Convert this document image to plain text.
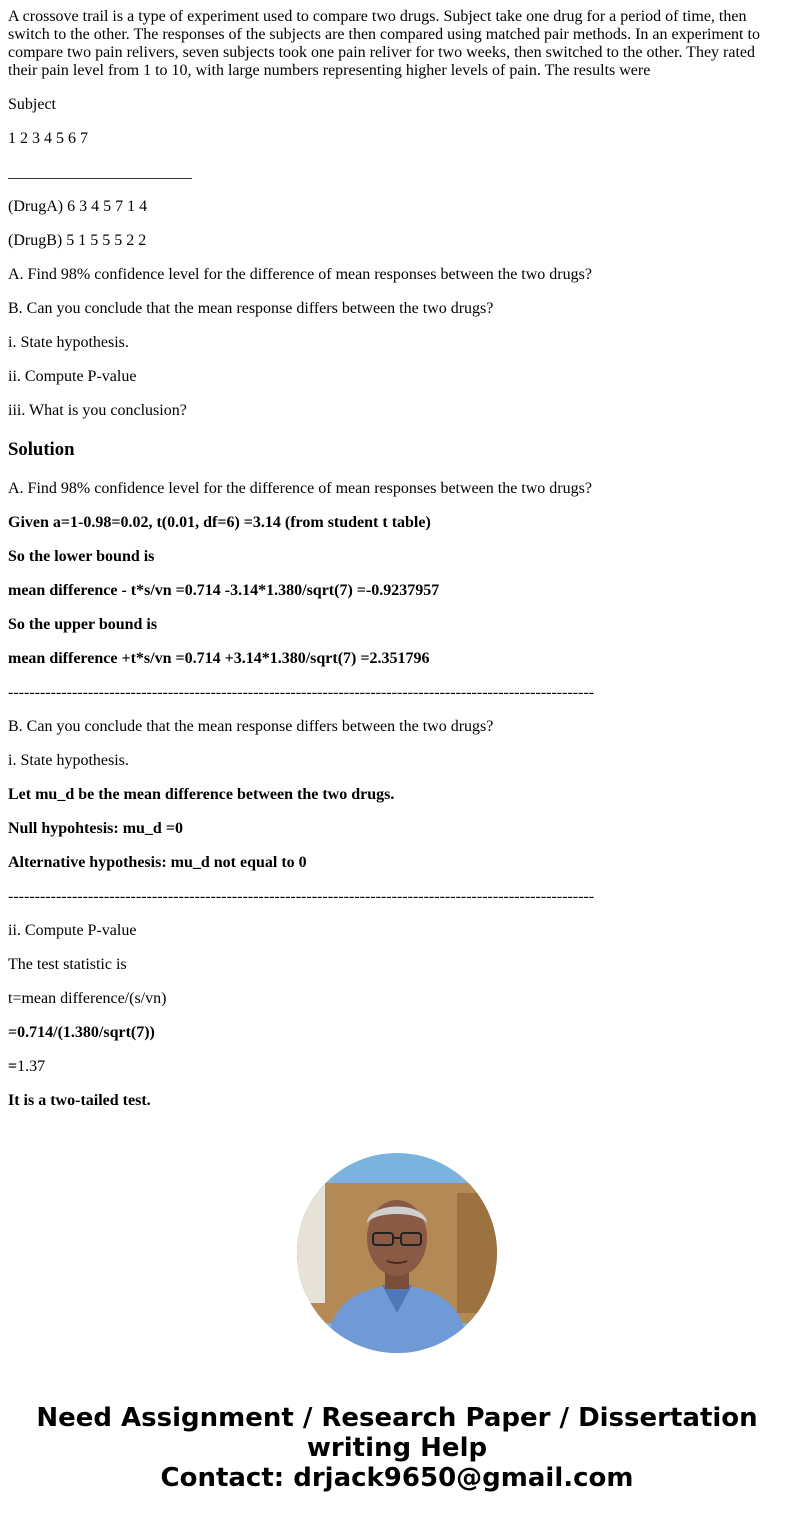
A crossove trail is a type of experiment used to compare two drugs. Subject take one drug for a period of time, then switch to the other. The responses of the subjects are then compared using matched pair methods. In an experiment to compare two pain relivers, seven subjects took one pain reliver for two weeks, then switched to the other. They rated their pain level from 1 to 10, with large numbers representing higher levels of pain. The results were

Subject

1 2 3 4 5 6 7

_______________________

(DrugA) 6 3 4 5 7 1 4

(DrugB) 5 1 5 5 5 2 2

A. Find 98% confidence level for the difference of mean responses between the two drugs?

B. Can you conclude that the mean response differs between the two drugs?

i. State hypothesis.

ii. Compute P-value

iii. What is you conclusion?

Solution

A. Find 98% confidence level for the difference of mean responses between the two drugs?

Given a=1-0.98=0.02, t(0.01, df=6) =3.14 (from student t table)

So the lower bound is

mean difference - t*s/vn =0.714 -3.14*1.380/sqrt(7) =-0.9237957

So the upper bound is

mean difference +t*s/vn =0.714 +3.14*1.380/sqrt(7) =2.351796

--------------------------------------------------------------------------------------------------------------

B. Can you conclude that the mean response differs between the two drugs?

i. State hypothesis.

Let mu_d be the mean difference between the two drugs.

Null hypohtesis: mu_d =0

Alternative hypothesis: mu_d not equal to 0

--------------------------------------------------------------------------------------------------------------

ii. Compute P-value

The test statistic is

t=mean difference/(s/vn)

=0.714/(1.380/sqrt(7))

=1.37

It is a two-tailed test.

Need Assignment / Research Paper / Dissertation
writing Help
Contact: drjack9650@gmail.com
